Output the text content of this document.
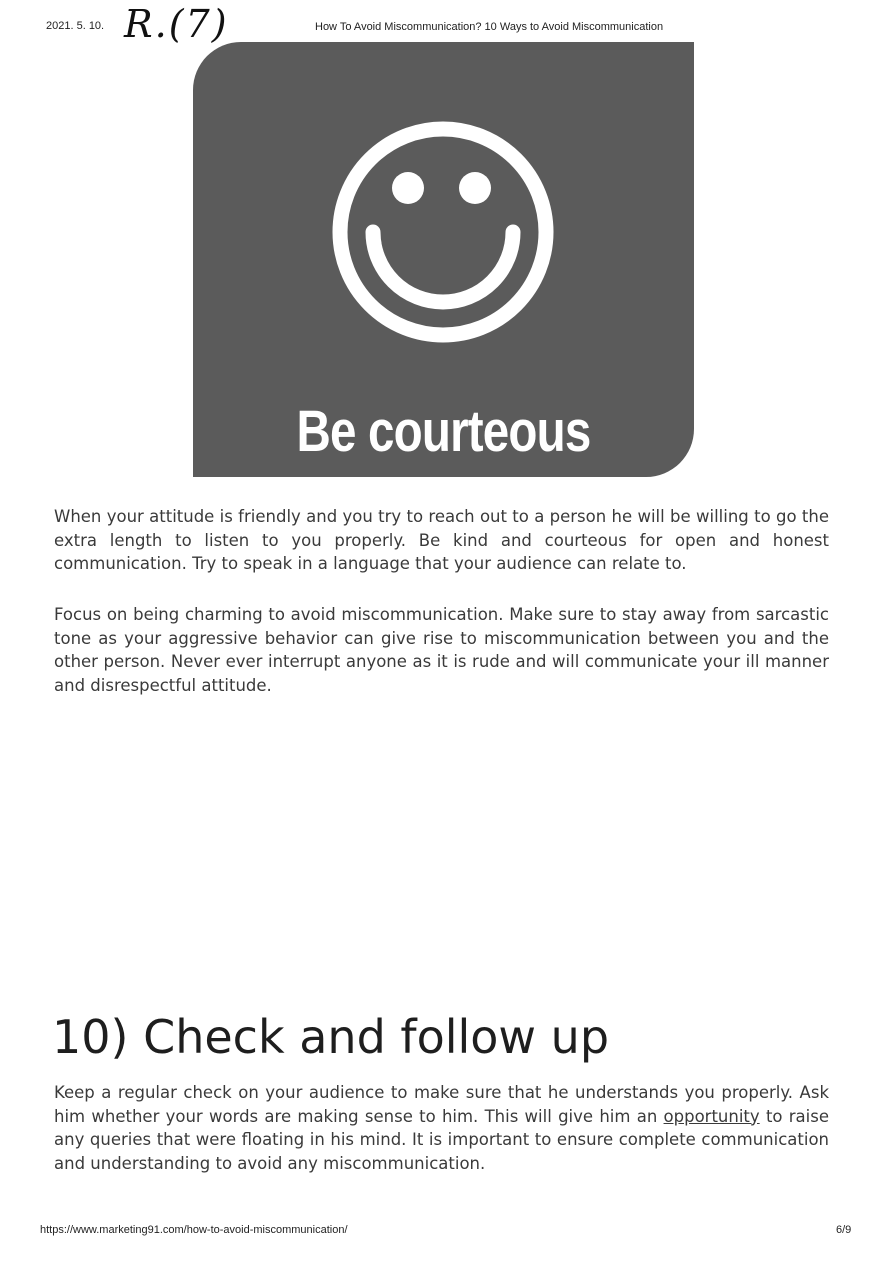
2021. 5. 10. R.(7)	How To Avoid Miscommunication? 10 Ways to Avoid Miscommunication
Be courteous

When your attitude is friendly and you try to reach out to a person he will be willing to go the extra length to listen to you properly. Be kind and courteous for open and honest communication. Try to speak in a language that your audience can relate to.

Focus on being charming to avoid miscommunication. Make sure to stay away from sarcastic tone as your aggressive behavior can give rise to miscommunication between you and the other person. Never ever interrupt anyone as it is rude and will communicate your ill manner and disrespectful attitude.

10) Check and follow up

Keep a regular check on your audience to make sure that he understands you properly. Ask him whether your words are making sense to him. This will give him an opportunity to raise any queries that were floating in his mind. It is important to ensure complete communication and understanding to avoid any miscommunication.

https://www.marketing91.com/how-to-avoid-miscommunication/	6/9
